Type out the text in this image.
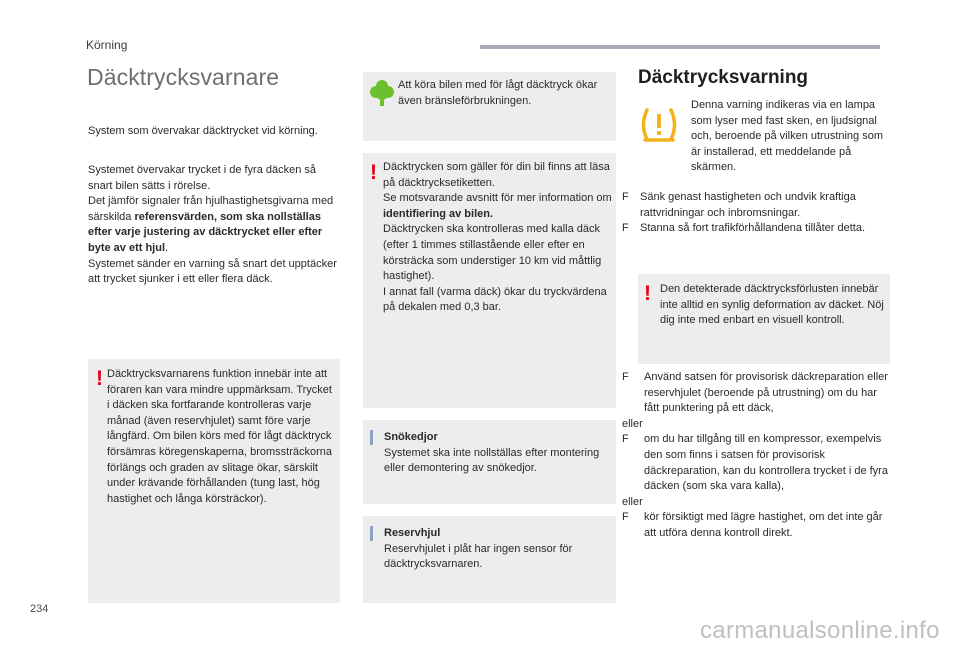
Körning
Däcktrycksvarnare

System som övervakar däcktrycket vid körning.

Systemet övervakar trycket i de fyra däcken så snart bilen sätts i rörelse.

Det jämför signaler från hjulhastighetsgivarna med särskilda referensvärden, som ska nollställas efter varje justering av däcktrycket eller efter byte av ett hjul.

Systemet sänder en varning så snart det upptäcker att trycket sjunker i ett eller flera däck.

! Däcktrycksvarnarens funktion innebär inte att föraren kan vara mindre uppmärksam. Trycket i däcken ska fortfarande kontrolleras varje månad (även reservhjulet) samt före varje långfärd. Om bilen körs med för lågt däcktryck försämras köregenskaperna, bromssträckorna förlängs och graden av slitage ökar, särskilt under krävande förhållanden (tung last, hög hastighet och långa körsträckor).

Att köra bilen med för lågt däcktryck ökar även bränsleförbrukningen.

! Däcktrycken som gäller för din bil finns att läsa på däcktrycksetiketten.

Se motsvarande avsnitt för mer information om identifiering av bilen.

Däcktrycken ska kontrolleras med kalla däck (efter 1 timmes stillastående eller efter en körsträcka som understiger 10 km vid måttlig hastighet).

I annat fall (varma däck) ökar du tryckvärdena på dekalen med 0,3 bar.

Snökedjor

Systemet ska inte nollställas efter montering eller demontering av snökedjor.

Reservhjul

Reservhjulet i plåt har ingen sensor för däcktrycksvarnaren.

Däcktrycksvarning

Denna varning indikeras via en lampa som lyser med fast sken, en ljudsignal och, beroende på vilken utrustning som är installerad, ett meddelande på skärmen.

F	Sänk genast hastigheten och undvik kraftiga rattvridningar och inbromsningar.

F	Stanna så fort trafikförhållandena tillåter detta.

! Den detekterade däcktrycksförlusten innebär inte alltid en synlig deformation av däcket. Nöj dig inte med enbart en visuell kontroll.

F	Använd satsen för provisorisk däckreparation eller reservhjulet (beroende på utrustning) om du har fått punktering på ett däck,

eller

F	om du har tillgång till en kompressor, exempelvis den som finns i satsen för provisorisk däckreparation, kan du kontrollera trycket i de fyra däcken (som ska vara kalla),

eller

F	kör försiktigt med lägre hastighet, om det inte går att utföra denna kontroll direkt.

234
carmanualsonline.info
